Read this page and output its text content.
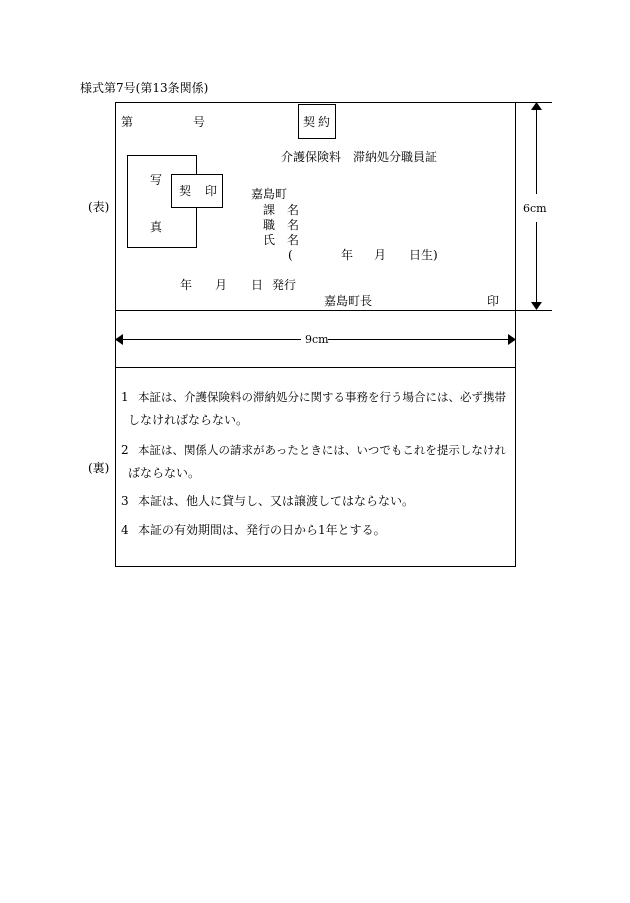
様式第7号(第13条関係)
(表)
(裏)
第	号	契約
介護保険料　滞納処分職員証
写
真
契 印	嘉島町
課 名
職 名
氏 名
(	年 月 日生)
年 月 日 発行
嘉島町長	印
6cm
9cm
1 本証は、介護保険料の滞納処分に関する事務を行う場合には、必ず携帯
しなければならない。
2 本証は、関係人の請求があったときには、いつでもこれを提示しなけれ
ばならない。
3 本証は、他人に貸与し、又は譲渡してはならない。
4 本証の有効期間は、発行の日から1年とする。
